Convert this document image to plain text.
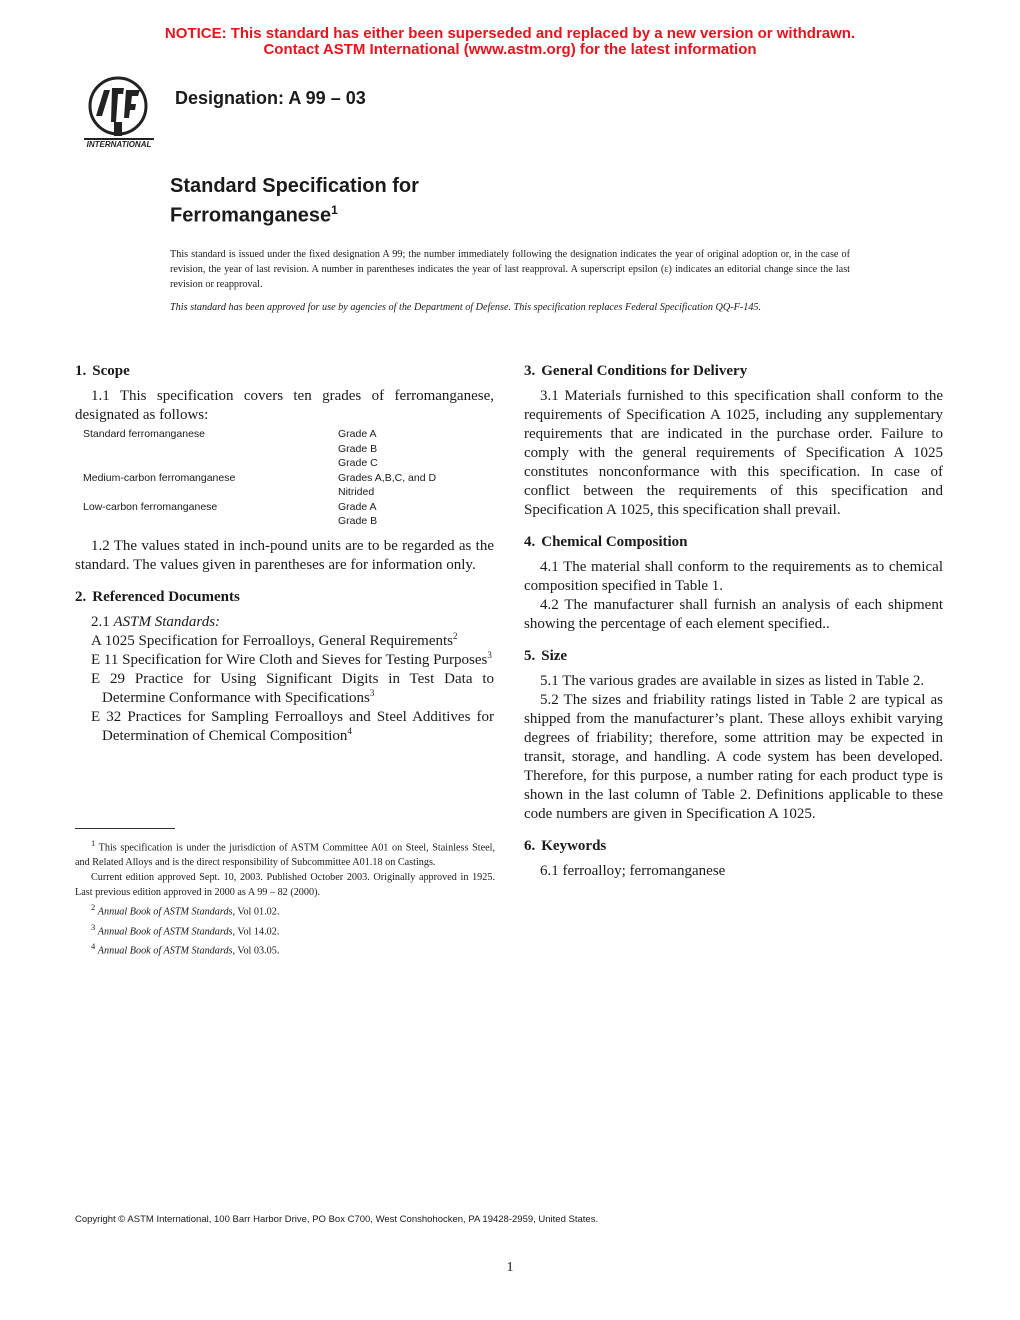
NOTICE: This standard has either been superseded and replaced by a new version or withdrawn.
Contact ASTM International (www.astm.org) for the latest information
INTERNATIONAL
Designation: A 99 – 03
Standard Specification for
Ferromanganese$^1$
This standard is issued under the fixed designation A 99; the number immediately following the designation indicates the year of original adoption or, in the case of revision, the year of last revision. A number in parentheses indicates the year of last reapproval. A superscript epsilon (ε) indicates an editorial change since the last revision or reapproval.
This standard has been approved for use by agencies of the Department of Defense. This specification replaces Federal Specification QQ-F-145.
1. Scope

1.1 This specification covers ten grades of ferromanganese, designated as follows:

Standard ferromanganese	Grade A
Grade B
Grade C
Medium-carbon ferromanganese	Grades A,B,C, and D
Nitrided
Low-carbon ferromanganese	Grade A
Grade B

1.2 The values stated in inch-pound units are to be regarded as the standard. The values given in parentheses are for information only.

2. Referenced Documents

2.1 ASTM Standards:

A 1025 Specification for Ferroalloys, General Requirements$^2$

E 11 Specification for Wire Cloth and Sieves for Testing Purposes$^3$

E 29 Practice for Using Significant Digits in Test Data to Determine Conformance with Specifications$^3$

E 32 Practices for Sampling Ferroalloys and Steel Additives for Determination of Chemical Composition$^4$

3. General Conditions for Delivery

3.1 Materials furnished to this specification shall conform to the requirements of Specification A 1025, including any supplementary requirements that are indicated in the purchase order. Failure to comply with the general requirements of Specification A 1025 constitutes nonconformance with this specification. In case of conflict between the requirements of this specification and Specification A 1025, this specification shall prevail.

4. Chemical Composition

4.1 The material shall conform to the requirements as to chemical composition specified in Table 1.

4.2 The manufacturer shall furnish an analysis of each shipment showing the percentage of each element specified..

5. Size

5.1 The various grades are available in sizes as listed in Table 2.

5.2 The sizes and friability ratings listed in Table 2 are typical as shipped from the manufacturer’s plant. These alloys exhibit varying degrees of friability; therefore, some attrition may be expected in transit, storage, and handling. A code system has been developed. Therefore, for this purpose, a number rating for each product type is shown in the last column of Table 2. Definitions applicable to these code numbers are given in Specification A 1025.

6. Keywords

6.1 ferroalloy; ferromanganese

$^1$ This specification is under the jurisdiction of ASTM Committee A01 on Steel, Stainless Steel, and Related Alloys and is the direct responsibility of Subcommittee A01.18 on Castings.
Current edition approved Sept. 10, 2003. Published October 2003. Originally approved in 1925. Last previous edition approved in 2000 as A 99 – 82 (2000).
$^2$ Annual Book of ASTM Standards, Vol 01.02.
$^3$ Annual Book of ASTM Standards, Vol 14.02.
$^4$ Annual Book of ASTM Standards, Vol 03.05.
Copyright © ASTM International, 100 Barr Harbor Drive, PO Box C700, West Conshohocken, PA 19428-2959, United States.
1
